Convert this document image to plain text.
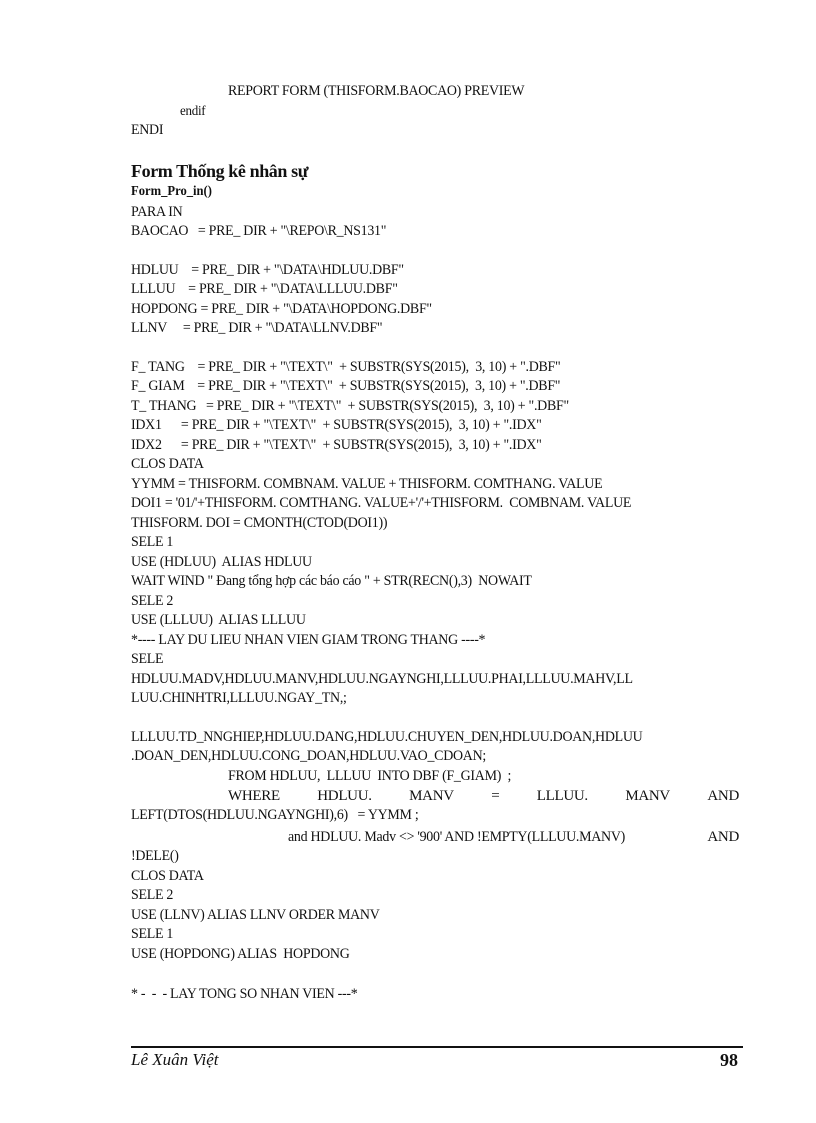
REPORT FORM (THISFORM.BAOCAO) PREVIEW
endif
ENDI
Form Thống kê nhân sự
Form_Pro_in()
PARA IN
BAOCAO   = PRE_ DIR + "\REPO\R_NS131"
HDLUU    = PRE_ DIR + "\DATA\HDLUU.DBF"
LLLUU    = PRE_ DIR + "\DATA\LLLUU.DBF"
HOPDONG = PRE_ DIR + "\DATA\HOPDONG.DBF"
LLNV     = PRE_ DIR + "\DATA\LLNV.DBF"
F_ TANG    = PRE_ DIR + "\TEXT\"  + SUBSTR(SYS(2015),  3, 10) + ".DBF"
F_ GIAM    = PRE_ DIR + "\TEXT\"  + SUBSTR(SYS(2015),  3, 10) + ".DBF"
T_ THANG   = PRE_ DIR + "\TEXT\"  + SUBSTR(SYS(2015),  3, 10) + ".DBF"
IDX1      = PRE_ DIR + "\TEXT\"  + SUBSTR(SYS(2015),  3, 10) + ".IDX"
IDX2      = PRE_ DIR + "\TEXT\"  + SUBSTR(SYS(2015),  3, 10) + ".IDX"
CLOS DATA
YYMM = THISFORM. COMBNAM. VALUE + THISFORM. COMTHANG. VALUE
DOI1 = '01/'+THISFORM. COMTHANG. VALUE+'/'+THISFORM.  COMBNAM. VALUE
THISFORM. DOI = CMONTH(CTOD(DOI1))
SELE 1
USE (HDLUU)  ALIAS HDLUU
WAIT WIND " Đang tổng hợp các báo cáo " + STR(RECN(),3)  NOWAIT
SELE 2
USE (LLLUU)  ALIAS LLLUU
*---- LAY DU LIEU NHAN VIEN GIAM TRONG THANG ----*
SELE
HDLUU.MADV,HDLUU.MANV,HDLUU.NGAYNGHI,LLLUU.PHAI,LLLUU.MAHV,LL
LUU.CHINHTRI,LLLUU.NGAY_TN,;
LLLUU.TD_NNGHIEP,HDLUU.DANG,HDLUU.CHUYEN_DEN,HDLUU.DOAN,HDLUU
.DOAN_DEN,HDLUU.CONG_DOAN,HDLUU.VAO_CDOAN;
FROM HDLUU,  LLLUU  INTO DBF (F_GIAM)  ;
WHERE HDLUU. MANV = LLLUU. MANV AND
LEFT(DTOS(HDLUU.NGAYNGHI),6)   = YYMM ;
and HDLUU. Madv <> '900' AND !EMPTY(LLLUU.MANV)	AND
!DELE()
CLOS DATA
SELE 2
USE (LLNV) ALIAS LLNV ORDER MANV
SELE 1
USE (HOPDONG) ALIAS  HOPDONG
* -  -  - LAY TONG SO NHAN VIEN ---*
Lê Xuân Việt	98
